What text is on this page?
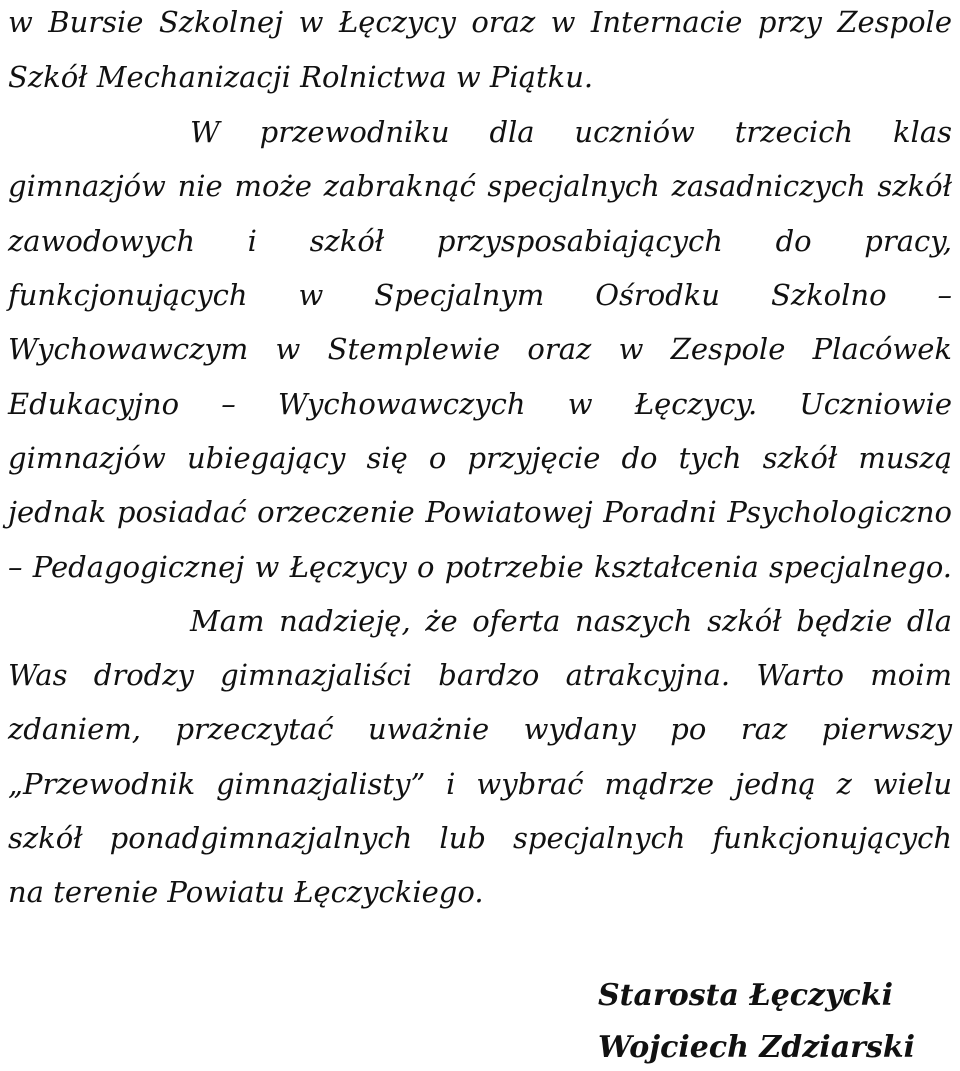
w Bursie Szkolnej w Łęczycy oraz w Internacie przy Zespole
Szkół Mechanizacji Rolnictwa w Piątku.
W przewodniku dla uczniów trzecich klas
gimnazjów nie może zabraknąć specjalnych zasadniczych szkół
zawodowych i szkół przysposabiających do pracy,
funkcjonujących w Specjalnym Ośrodku Szkolno –
Wychowawczym w Stemplewie oraz w Zespole Placówek
Edukacyjno – Wychowawczych w Łęczycy. Uczniowie
gimnazjów ubiegający się o przyjęcie do tych szkół muszą
jednak posiadać orzeczenie Powiatowej Poradni Psychologiczno
– Pedagogicznej w Łęczycy o potrzebie kształcenia specjalnego.
Mam nadzieję, że oferta naszych szkół będzie dla
Was drodzy gimnazjaliści bardzo atrakcyjna. Warto moim
zdaniem, przeczytać uważnie wydany po raz pierwszy
„Przewodnik gimnazjalisty” i wybrać mądrze jedną z wielu
szkół ponadgimnazjalnych lub specjalnych funkcjonujących
na terenie Powiatu Łęczyckiego.
Starosta Łęczycki
Wojciech Zdziarski
